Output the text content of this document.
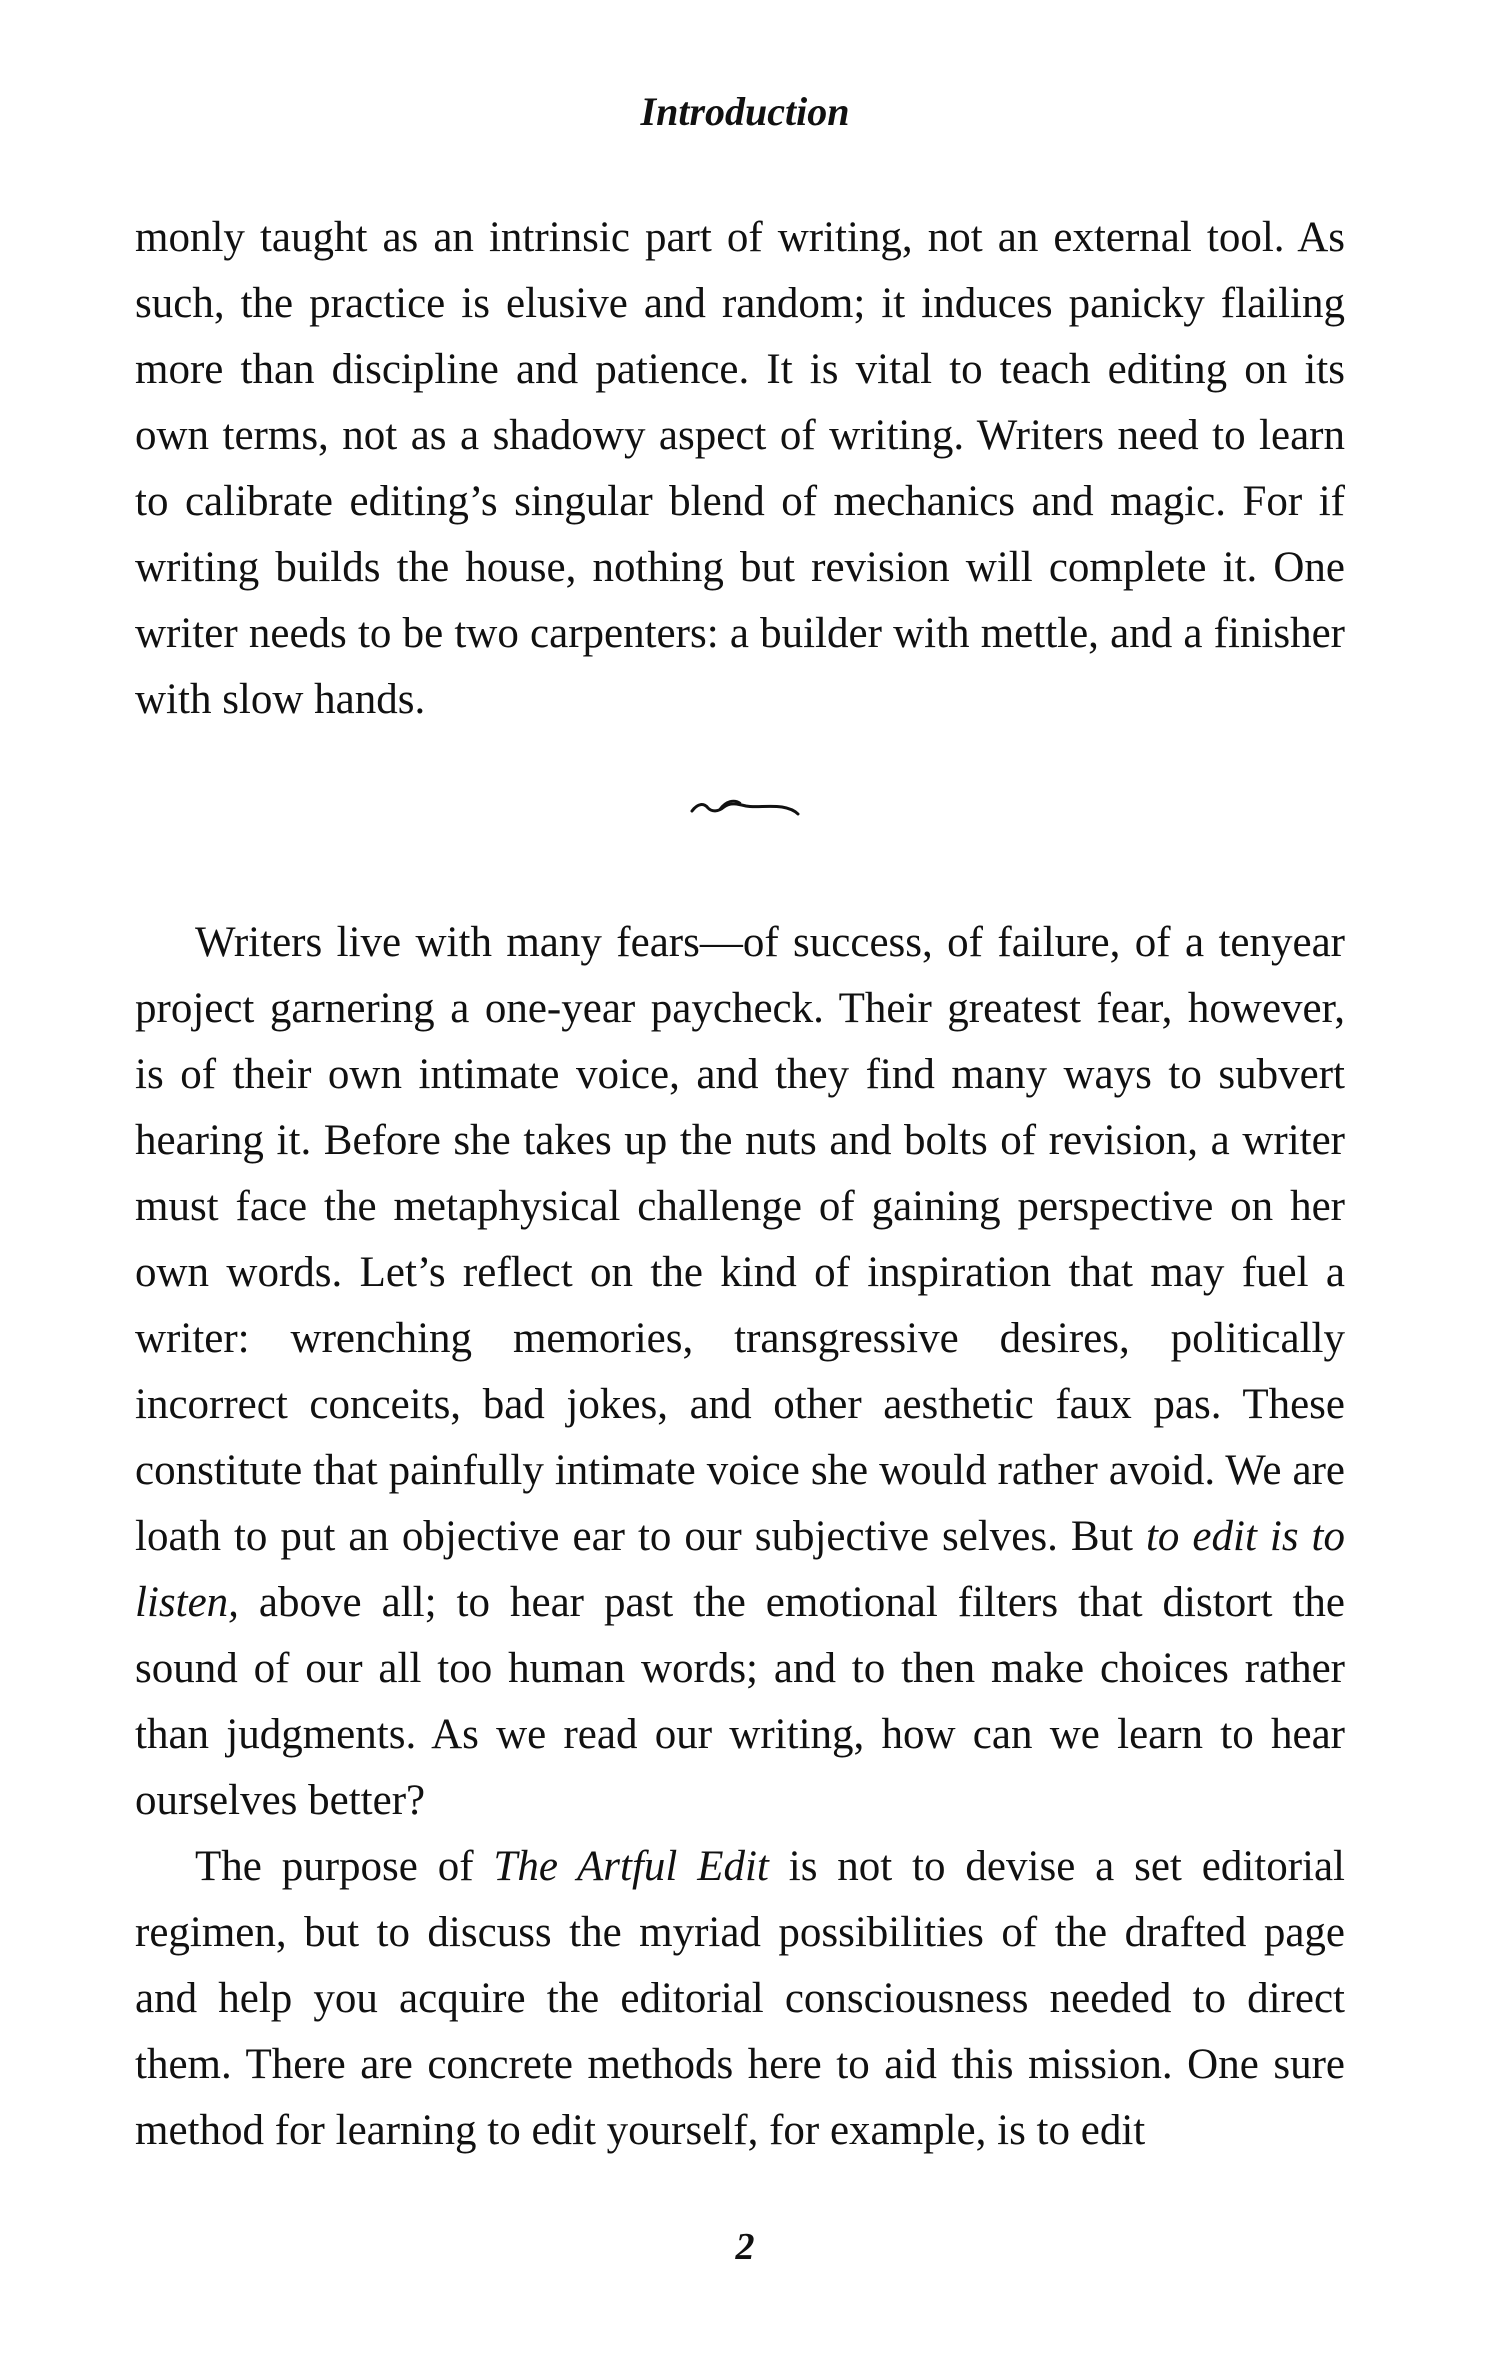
Introduction

monly taught as an intrinsic part of writing, not an external tool. As such, the practice is elusive and random; it induces panicky flailing more than discipline and patience. It is vital to teach editing on its own terms, not as a shadowy aspect of writing. Writers need to learn to calibrate editing’s singular blend of mechanics and magic. For if writing builds the house, nothing but revision will complete it. One writer needs to be two carpenters: a builder with mettle, and a finisher with slow hands.

Writers live with many fears—of success, of failure, of a tenyear project garnering a one-year paycheck. Their greatest fear, however, is of their own intimate voice, and they find many ways to subvert hearing it. Before she takes up the nuts and bolts of revision, a writer must face the metaphysical challenge of gaining perspective on her own words. Let’s reflect on the kind of inspiration that may fuel a writer: wrenching memories, transgressive desires, politically incorrect conceits, bad jokes, and other aesthetic faux pas. These constitute that painfully intimate voice she would rather avoid. We are loath to put an objective ear to our subjective selves. But to edit is to listen, above all; to hear past the emotional filters that distort the sound of our all too human words; and to then make choices rather than judgments. As we read our writing, how can we learn to hear ourselves better?

The purpose of The Artful Edit is not to devise a set editorial regimen, but to discuss the myriad possibilities of the drafted page and help you acquire the editorial consciousness needed to direct them. There are concrete methods here to aid this mission. One sure method for learning to edit yourself, for example, is to edit

2
